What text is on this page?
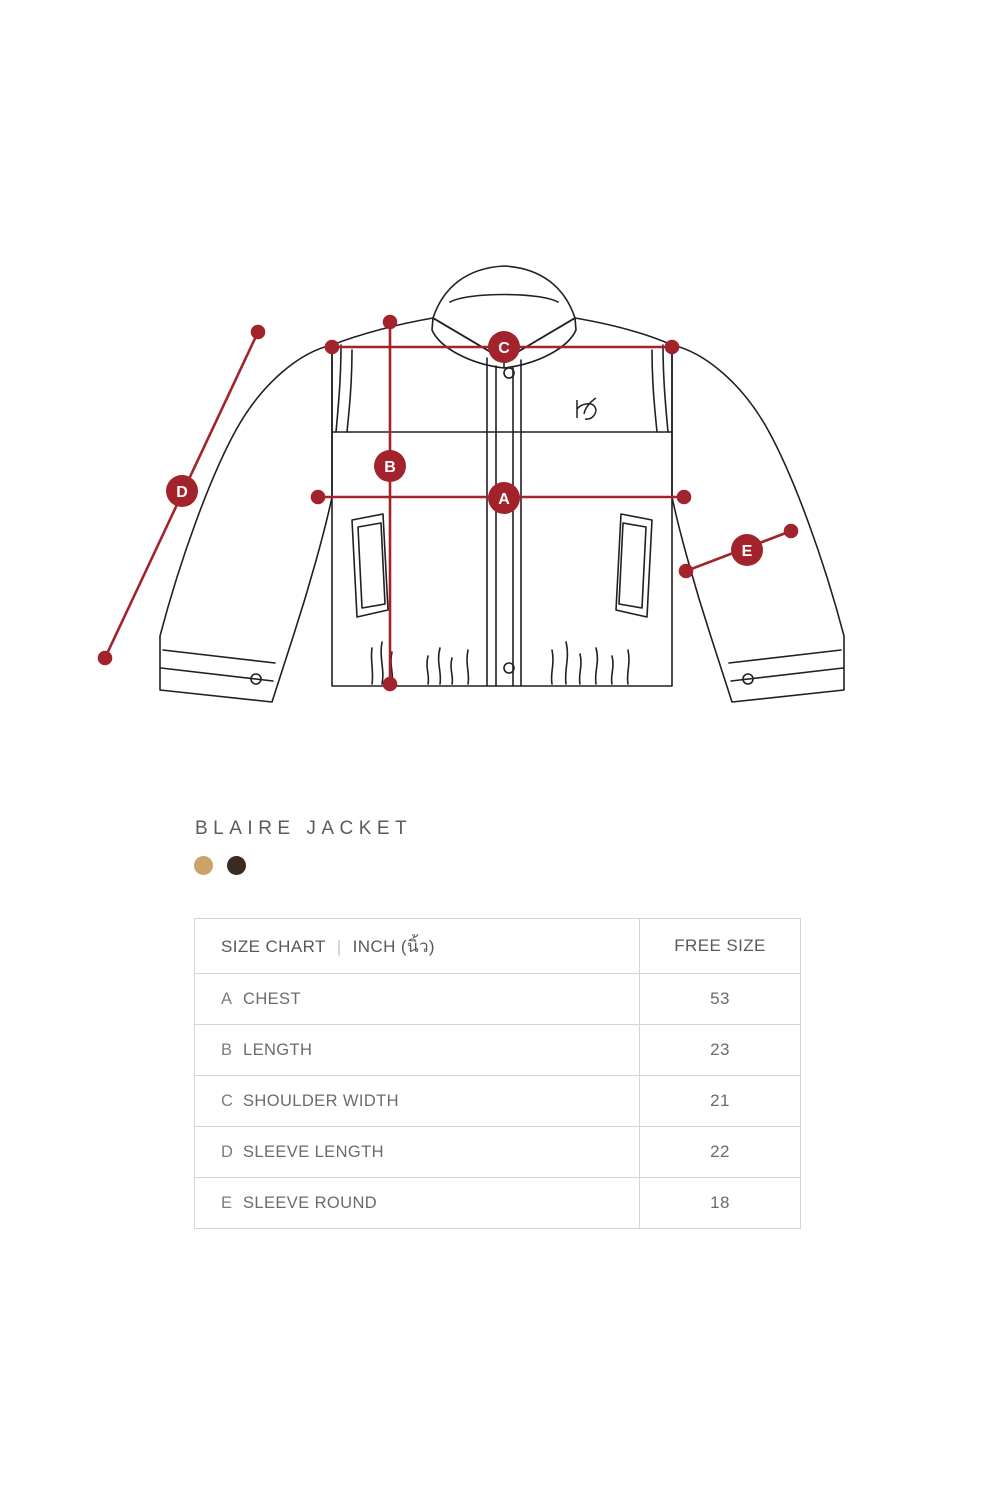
C
A
B
D
E
BLAIRE JACKET
SIZE CHART | INCH (นิ้ว)	FREE SIZE
A CHEST	53
B LENGTH	23
C SHOULDER WIDTH	21
D SLEEVE LENGTH	22
E SLEEVE ROUND	18
